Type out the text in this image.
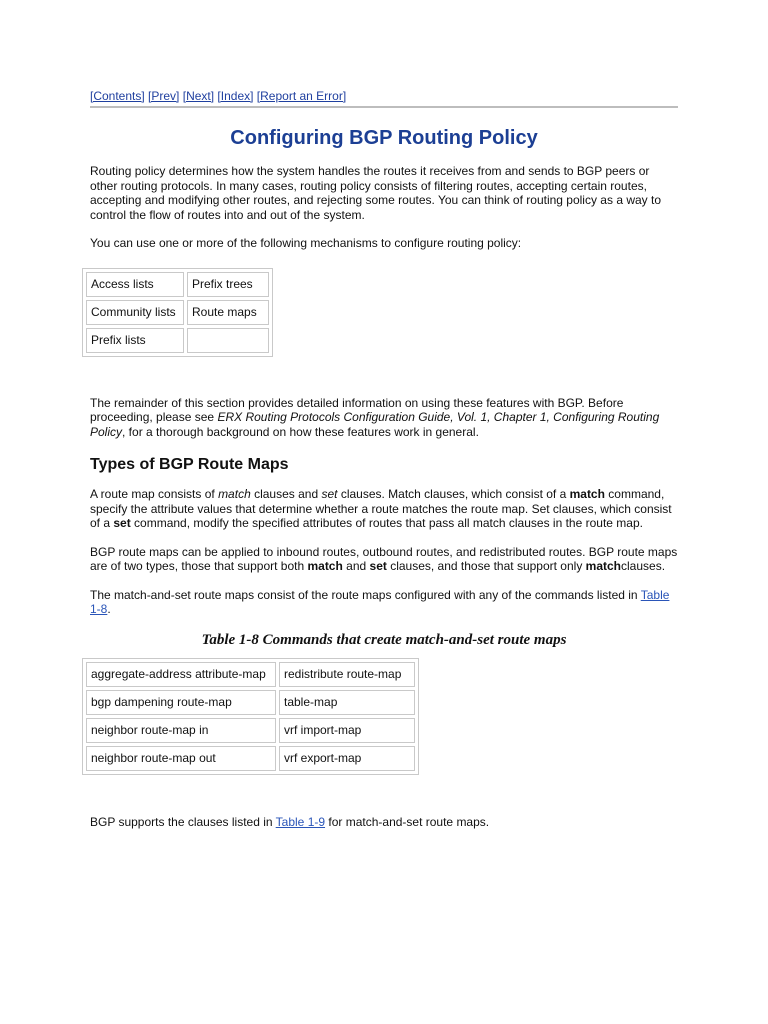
[Contents] [Prev] [Next] [Index] [Report an Error]
Configuring BGP Routing Policy

Routing policy determines how the system handles the routes it receives from and sends to BGP peers or other routing protocols. In many cases, routing policy consists of filtering routes, accepting certain routes, accepting and modifying other routes, and rejecting some routes. You can think of routing policy as a way to control the flow of routes into and out of the system.

You can use one or more of the following mechanisms to configure routing policy:

Access lists	Prefix trees
Community lists	Route maps
Prefix lists	

The remainder of this section provides detailed information on using these features with BGP. Before proceeding, please see ERX Routing Protocols Configuration Guide, Vol. 1, Chapter 1, Configuring Routing Policy, for a thorough background on how these features work in general.

Types of BGP Route Maps

A route map consists of match clauses and set clauses. Match clauses, which consist of a match command, specify the attribute values that determine whether a route matches the route map. Set clauses, which consist of a set command, modify the specified attributes of routes that pass all match clauses in the route map.

BGP route maps can be applied to inbound routes, outbound routes, and redistributed routes. BGP route maps are of two types, those that support both match and set clauses, and those that support only matchclauses.

The match-and-set route maps consist of the route maps configured with any of the commands listed in Table 1-8.

Table 1-8 Commands that create match-and-set route maps
aggregate-address attribute-map	redistribute route-map
bgp dampening route-map	table-map
neighbor route-map in	vrf import-map
neighbor route-map out	vrf export-map

BGP supports the clauses listed in Table 1-9 for match-and-set route maps.
